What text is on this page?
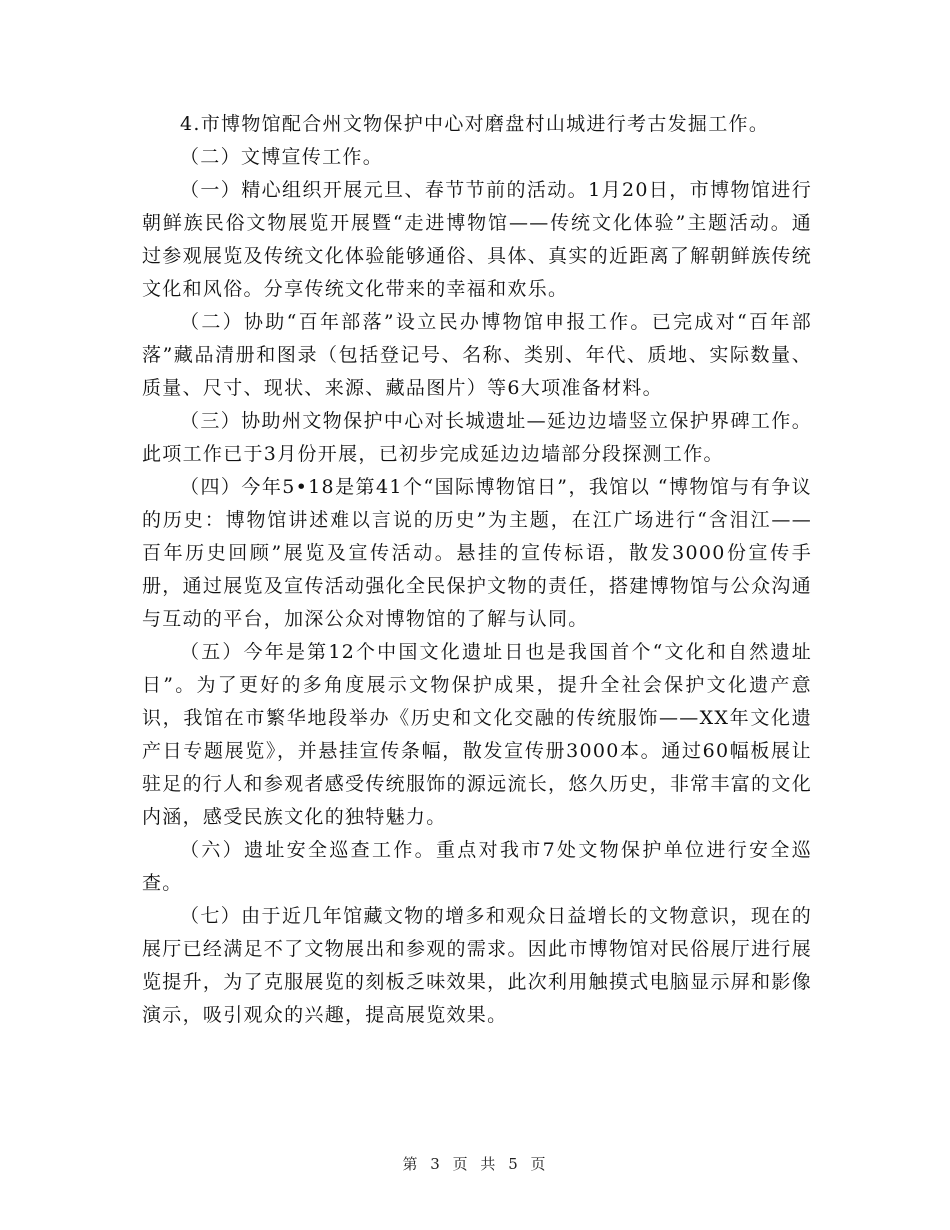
4.市博物馆配合州文物保护中心对磨盘村山城进行考古发掘工作。

（二）文博宣传工作。

（一）精心组织开展元旦、春节节前的活动。1月20日，市博物馆进行朝鲜族民俗文物展览开展暨“走进博物馆——传统文化体验”主题活动。通过参观展览及传统文化体验能够通俗、具体、真实的近距离了解朝鲜族传统文化和风俗。分享传统文化带来的幸福和欢乐。

（二）协助“百年部落”设立民办博物馆申报工作。已完成对“百年部落”藏品清册和图录（包括登记号、名称、类别、年代、质地、实际数量、质量、尺寸、现状、来源、藏品图片）等6大项准备材料。

（三）协助州文物保护中心对长城遗址—延边边墙竖立保护界碑工作。此项工作已于3月份开展，已初步完成延边边墙部分段探测工作。

（四）今年5•18是第41个“国际博物馆日”，我馆以 “博物馆与有争议的历史：博物馆讲述难以言说的历史”为主题，在江广场进行“含泪江——百年历史回顾”展览及宣传活动。悬挂的宣传标语，散发3000份宣传手册，通过展览及宣传活动强化全民保护文物的责任，搭建博物馆与公众沟通与互动的平台，加深公众对博物馆的了解与认同。

（五）今年是第12个中国文化遗址日也是我国首个“文化和自然遗址日”。为了更好的多角度展示文物保护成果，提升全社会保护文化遗产意识，我馆在市繁华地段举办《历史和文化交融的传统服饰——XX年文化遗产日专题展览》，并悬挂宣传条幅，散发宣传册3000本。通过60幅板展让驻足的行人和参观者感受传统服饰的源远流长，悠久历史，非常丰富的文化内涵，感受民族文化的独特魅力。

（六）遗址安全巡查工作。重点对我市7处文物保护单位进行安全巡查。

（七）由于近几年馆藏文物的增多和观众日益增长的文物意识，现在的展厅已经满足不了文物展出和参观的需求。因此市博物馆对民俗展厅进行展览提升，为了克服展览的刻板乏味效果，此次利用触摸式电脑显示屏和影像演示，吸引观众的兴趣，提高展览效果。

第 3 页 共 5 页
